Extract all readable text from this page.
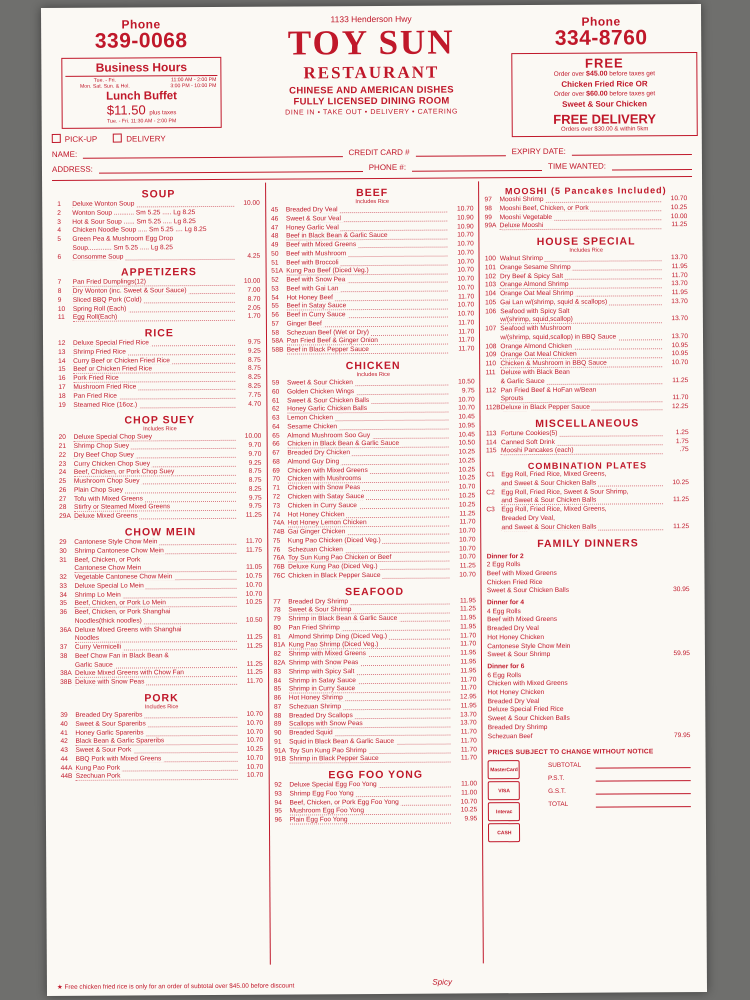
Phone
339-0068
Business Hours
Tue. - Fri.	11:00 AM - 2:00 PM
Mon. Sat. Sun. & Hol.	3:00 PM - 10:00 PM
Lunch Buffet
$11.50 plus taxes
Tue. - Fri. 11:30 AM - 2:00 PM
1133 Henderson Hwy
TOY SUN
RESTAURANT
CHINESE AND AMERICAN DISHES
FULLY LICENSED DINING ROOM
DINE IN • TAKE OUT • DELIVERY • CATERING
Phone
334-8760
FREE
Order over $45.00 before taxes get
Chicken Fried Rice OR
Order over $60.00 before taxes get
Sweet & Sour Chicken
FREE DELIVERY
Orders over $30.00 & within 5km
PICK-UP	DELIVERY
NAME:	CREDIT CARD #	EXPIRY DATE:
ADDRESS:	PHONE #:	TIME WANTED:
SOUP
1	Deluxe Wonton Soup	10.00
2	Wonton Soup ........... Sm 5.25 ..... Lg 8.25
3	Hot & Sour Soup ...... Sm 5.25 ..... Lg 8.25
4	Chicken Noodle Soup ..... Sm 5.25 .... Lg 8.25
5	Green Pea & Mushroom Egg Drop
Soup............. Sm 5.25 ..... Lg 8.25
6	Consomme Soup	4.25
APPETIZERS
7	Pan Fried Dumplings(12)	10.00
8	Dry Wonton (inc. Sweet & Sour Sauce)	7.00
9	Sliced BBQ Pork (Cold)	8.70
10	Spring Roll (Each)	2.05
11	Egg Roll(Each)	1.70
RICE
12	Deluxe Special Fried Rice	9.75
13	Shrimp Fried Rice	9.25
14	Curry Beef or Chicken Fried Rice	8.75
15	Beef or Chicken Fried Rice	8.75
16	Pork Fried Rice	8.25
17	Mushroom Fried Rice	8.25
18	Pan Fried Rice	7.75
19	Steamed Rice (16oz.)	4.70
CHOP SUEY
Includes Rice
20	Deluxe Special Chop Suey	10.00
21	Shrimp Chop Suey	9.70
22	Dry Beef Chop Suey	9.70
23	Curry Chicken Chop Suey	9.25
24	Beef, Chicken, or Pork Chop Suey	8.75
25	Mushroom Chop Suey	8.75
26	Plain Chop Suey	8.25
27	Tofu with Mixed Greens	9.75
28	Stirfry or Steamed Mixed Greens	9.75
29A Deluxe Mixed Greens	11.25
CHOW MEIN
29	Cantonese Style Chow Mein	11.70
30	Shrimp Cantonese Chow Mein	11.75
31	Beef, Chicken, or Pork
Cantonese Chow Mein	11.05
32	Vegetable Cantonese Chow Mein	10.75
33	Deluxe Special Lo Mein	10.70
34	Shrimp Lo Mein	10.70
35	Beef, Chicken, or Pork Lo Mein	10.25
36	Beef, Chicken, or Pork Shanghai
Noodles(thick noodles)	10.50
36A Deluxe Mixed Greens with Shanghai
Noodles	11.25
37	Curry Vermicelli	11.25
38	Beef Chow Fan in Black Bean &
Garlic Sauce	11.25
38A Deluxe Mixed Greens with Chow Fan	11.25
38B Deluxe with Snow Peas	11.70
PORK
Includes Rice
39	Breaded Dry Spareribs	10.70
40	Sweet & Sour Spareribs	10.70
41	Honey Garlic Spareribs	10.70
42	Black Bean & Garlic Spareribs	10.70
43	Sweet & Sour Pork	10.25
44	BBQ Pork with Mixed Greens	10.70
44A Kung Pao Pork	10.70
44B Szechuan Pork	10.70
BEEF
Includes Rice
45	Breaded Dry Veal	10.70
46	Sweet & Sour Veal	10.90
47	Honey Garlic Veal	10.90
48	Beef in Black Bean & Garlic Sauce	10.70
49	Beef with Mixed Greens	10.70
50	Beef with Mushroom	10.70
51	Beef with Broccoli	10.70
51A Kung Pao Beef (Diced Veg.)	10.70
52	Beef with Snow Pea	10.70
53	Beef with Gai Lan	10.70
54	Hot Honey Beef	11.70
55	Beef in Satay Sauce	10.70
56	Beef in Curry Sauce	10.70
57	Ginger Beef	11.70
58	Schezuan Beef (Wet or Dry)	11.70
58A Pan Fried Beef & Ginger Onion	11.70
58B Beef in Black Pepper Sauce	11.70
CHICKEN
Includes Rice
59	Sweet & Sour Chicken	10.50
60	Golden Chicken Wings	9.75
61	Sweet & Sour Chicken Balls	10.70
62	Honey Garlic Chicken Balls	10.70
63	Lemon Chicken	10.45
64	Sesame Chicken	10.95
65	Almond Mushroom Soo Guy	10.45
66	Chicken in Black Bean & Garlic Sauce	10.50
67	Breaded Dry Chicken	10.25
68	Almond Guy Ding	10.25
69	Chicken with Mixed Greens	10.25
70	Chicken with Mushrooms	10.25
71	Chicken with Snow Peas	10.70
72	Chicken with Satay Sauce	10.25
73	Chicken in Curry Sauce	10.25
74	Hot Honey Chicken	11.25
74A Hot Honey Lemon Chicken	11.70
74B Gai Ginger Chicken	10.70
75	Kung Pao Chicken (Diced Veg.)	10.70
76	Schezuan Chicken	10.70
76A Toy Sun Kung Pao Chicken or Beef	10.70
76B Deluxe Kung Pao (Diced Veg.)	11.25
76C Chicken in Black Pepper Sauce	10.70
SEAFOOD
77	Breaded Dry Shrimp	11.95
78	Sweet & Sour Shrimp	11.25
79	Shrimp in Black Bean & Garlic Sauce	11.95
80	Pan Fried Shrimp	11.95
81	Almond Shrimp Ding (Diced Veg.)	11.70
81A Kung Pao Shrimp (Diced Veg.)	11.70
82	Shrimp with Mixed Greens	11.95
82A Shrimp with Snow Peas	11.95
83	Shrimp with Spicy Salt	11.95
84	Shrimp in Satay Sauce	11.70
85	Shrimp in Curry Sauce	11.70
86	Hot Honey Shrimp	12.95
87	Schezuan Shrimp	11.95
88	Breaded Dry Scallops	13.70
89	Scallops with Snow Peas	13.70
90	Breaded Squid	11.70
91	Squid in Black Bean & Garlic Sauce	11.70
91A Toy Sun Kung Pao Shrimp	11.70
91B Shrimp in Black Pepper Sauce	11.70
EGG FOO YONG
92	Deluxe Special Egg Foo Yong	11.00
93	Shrimp Egg Foo Yong	11.00
94	Beef, Chicken, or Pork Egg Foo Yong	10.70
95	Mushroom Egg Foo Yong	10.25
96	Plain Egg Foo Yong	9.95
MOOSHI (5 Pancakes Included)
97	Mooshi Shrimp	10.70
98	Mooshi Beef, Chicken, or Pork	10.25
99	Mooshi Vegetable	10.00
99A Deluxe Mooshi	11.25
HOUSE SPECIAL
Includes Rice
100 Walnut Shrimp	13.70
101 Orange Sesame Shrimp	11.95
102 Dry Beef & Spicy Salt	11.70
103 Orange Almond Shrimp	13.70
104 Orange Oat Meal Shrimp	11.95
105 Gai Lan w/(shrimp, squid & scallops)	13.70
106 Seafood with Spicy Salt
w/(shrimp, squid,scallop)	13.70
107 Seafood with Mushroom
w/(shrimp, squid,scallop) in BBQ Sauce	13.70
108 Orange Almond Chicken	10.95
109 Orange Oat Meal Chicken	10.95
110 Chicken & Mushroom in BBQ Sauce	10.70
111 Deluxe with Black Bean
& Garlic Sauce	11.25
112 Pan Fried Beef & HoFan w/Bean
Sprouts	11.70
112B Deluxe in Black Pepper Sauce	12.25
MISCELLANEOUS
113 Fortune Cookies(5)	1.25
114 Canned Soft Drink	1.75
115 Mooshi Pancakes (each)	.75
COMBINATION PLATES
C1 Egg Roll, Fried Rice, Mixed Greens,
and Sweet & Sour Chicken Balls	10.25
C2 Egg Roll, Fried Rice, Sweet & Sour Shrimp,
and Sweet & Sour Chicken Balls	11.25
C3 Egg Roll, Fried Rice, Mixed Greens,
Breaded Dry Veal,
and Sweet & Sour Chicken Balls	11.25
FAMILY DINNERS
Dinner for 2
2 Egg Rolls
Beef with Mixed Greens
Chicken Fried Rice
Sweet & Sour Chicken Balls	30.95
Dinner for 4
4 Egg Rolls
Beef with Mixed Greens
Breaded Dry Veal
Hot Honey Chicken
Cantonese Style Chow Mein
Sweet & Sour Shrimp	59.95
Dinner for 6
6 Egg Rolls
Chicken with Mixed Greens
Hot Honey Chicken
Breaded Dry Veal
Deluxe Special Fried Rice
Sweet & Sour Chicken Balls
Breaded Dry Shrimp
Schezuan Beef	79.95
PRICES SUBJECT TO CHANGE WITHOUT NOTICE
MasterCard
VISA
Interac
CASH
SUBTOTAL
P.S.T.
G.S.T.
TOTAL
★ Free chicken fried rice is only for an order of subtotal over $45.00 before discount
Spicy
